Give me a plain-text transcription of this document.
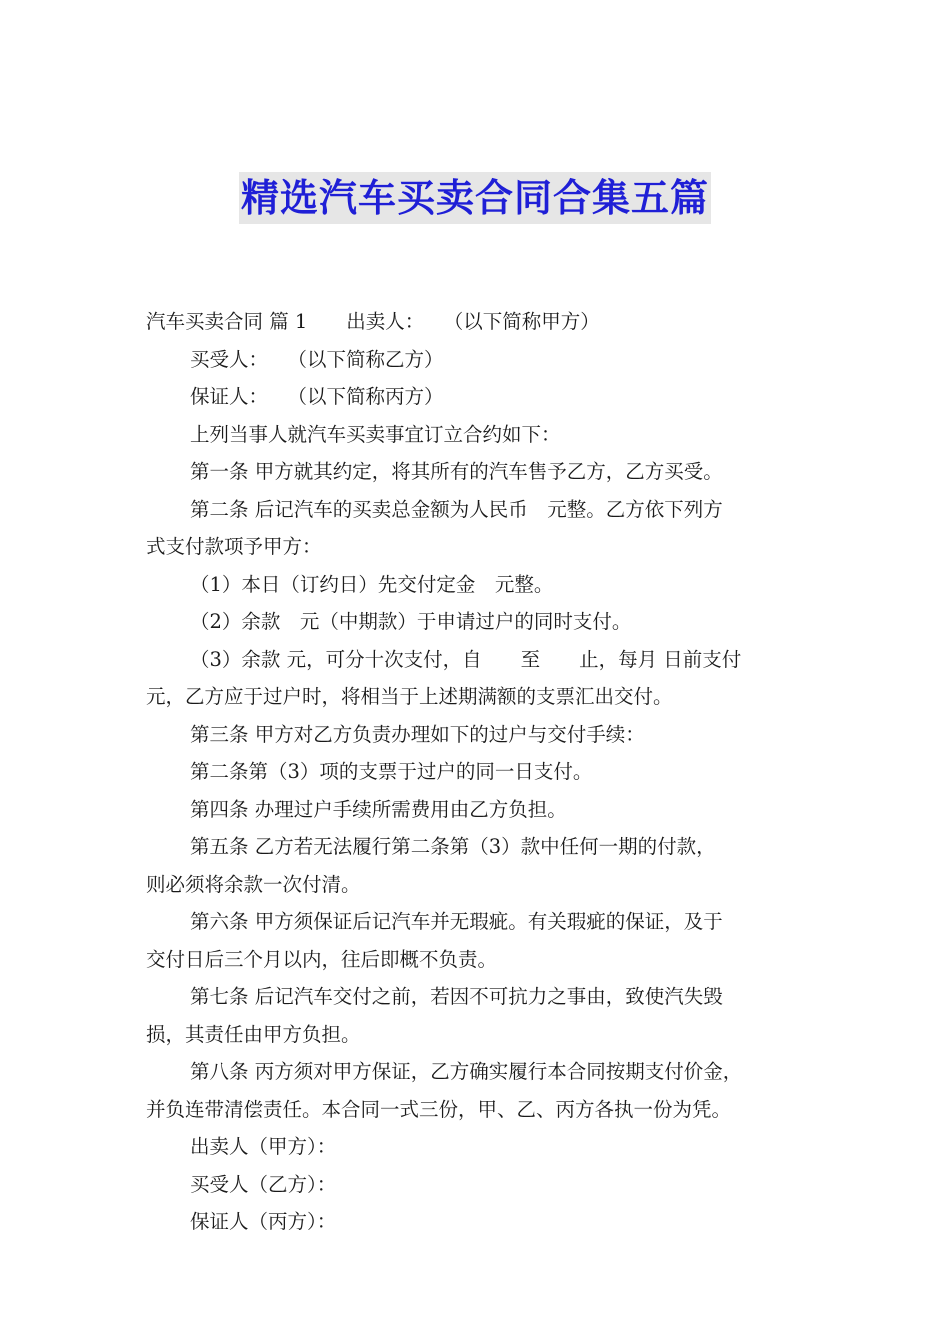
精选汽车买卖合同合集五篇
汽车买卖合同 篇 1　　出卖人：　　（以下简称甲方）
买受人：　　（以下简称乙方）
保证人：　　（以下简称丙方）
上列当事人就汽车买卖事宜订立合约如下：
第一条 甲方就其约定，将其所有的汽车售予乙方，乙方买受。
第二条 后记汽车的买卖总金额为人民币　元整。乙方依下列方
式支付款项予甲方：
（1）本日（订约日）先交付定金　元整。
（2）余款　元（中期款）于申请过户的同时支付。
（3）余款 元，可分十次支付，自　　至　　止，每月 日前支付
元，乙方应于过户时，将相当于上述期满额的支票汇出交付。
第三条 甲方对乙方负责办理如下的过户与交付手续：
第二条第（3）项的支票于过户的同一日支付。
第四条 办理过户手续所需费用由乙方负担。
第五条 乙方若无法履行第二条第（3）款中任何一期的付款，
则必须将余款一次付清。
第六条 甲方须保证后记汽车并无瑕疵。有关瑕疵的保证，及于
交付日后三个月以内，往后即概不负责。
第七条 后记汽车交付之前，若因不可抗力之事由，致使汽失毁
损，其责任由甲方负担。
第八条 丙方须对甲方保证，乙方确实履行本合同按期支付价金，
并负连带清偿责任。本合同一式三份，甲、乙、丙方各执一份为凭。
出卖人（甲方）：
买受人（乙方）：
保证人（丙方）：
